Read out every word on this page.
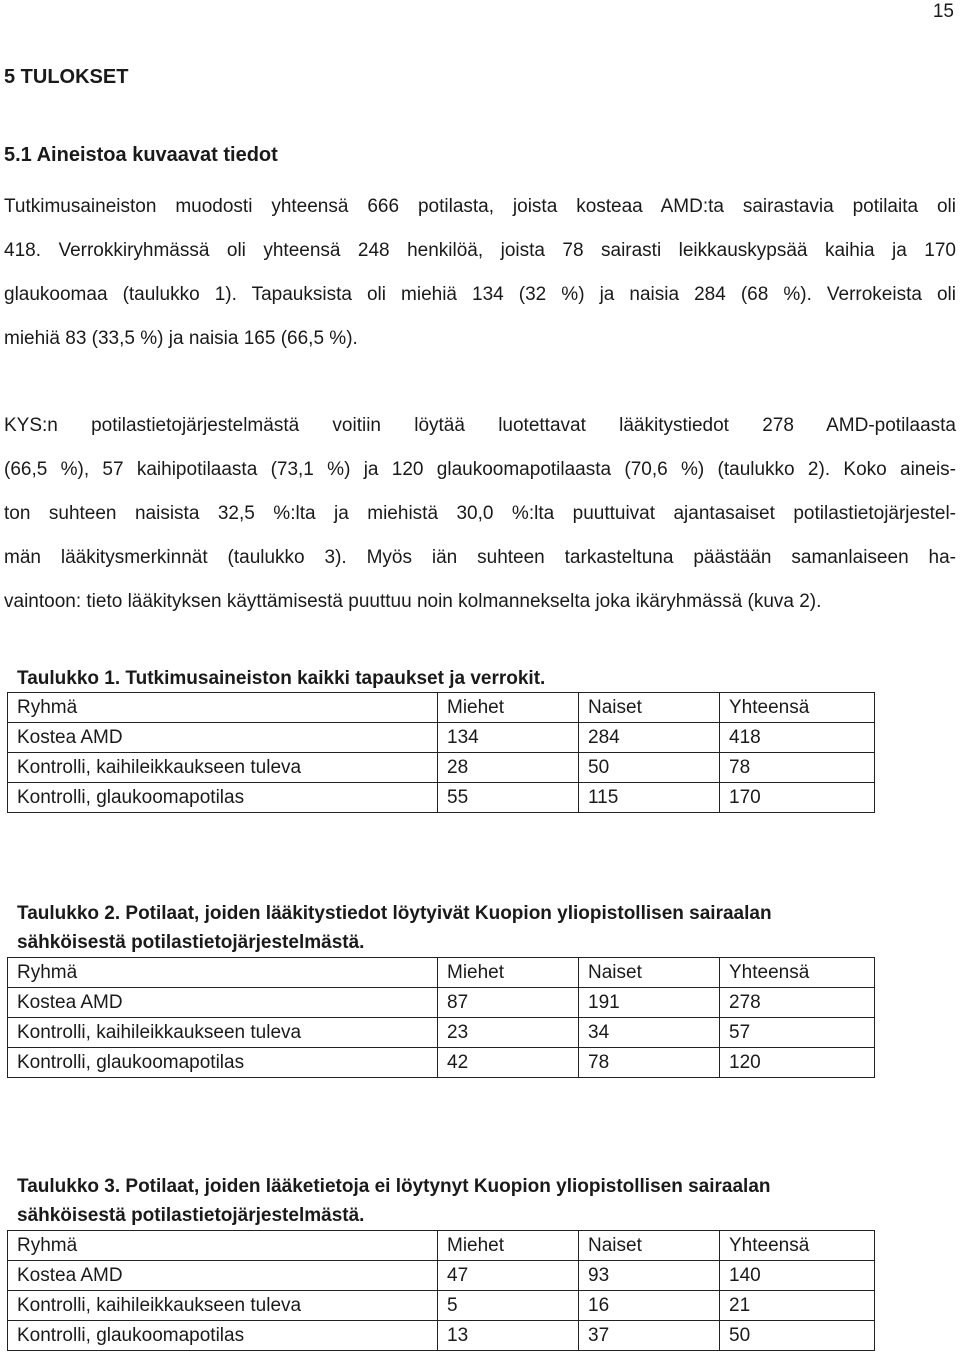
15
5 TULOKSET
5.1 Aineistoa kuvaavat tiedot
Tutkimusaineiston muodosti yhteensä 666 potilasta, joista kosteaa AMD:ta sairastavia potilaita oli
418. Verrokkiryhmässä oli yhteensä 248 henkilöä, joista 78 sairasti leikkauskypsää kaihia ja 170
glaukoomaa (taulukko 1). Tapauksista oli miehiä 134 (32 %) ja naisia 284 (68 %). Verrokeista oli
miehiä 83 (33,5 %) ja naisia 165 (66,5 %).
KYS:n potilastietojärjestelmästä voitiin löytää luotettavat lääkitystiedot 278 AMD-potilaasta
(66,5 %), 57 kaihipotilaasta (73,1 %) ja 120 glaukoomapotilaasta (70,6 %) (taulukko 2). Koko aineis-
ton suhteen naisista 32,5 %:lta ja miehistä 30,0 %:lta puuttuivat ajantasaiset potilastietojärjestel-
män lääkitysmerkinnät (taulukko 3). Myös iän suhteen tarkasteltuna päästään samanlaiseen ha-
vaintoon: tieto lääkityksen käyttämisestä puuttuu noin kolmannekselta joka ikäryhmässä (kuva 2).
Taulukko 1. Tutkimusaineiston kaikki tapaukset ja verrokit.
Ryhmä	Miehet	Naiset	Yhteensä
Kostea AMD	134	284	418
Kontrolli, kaihileikkaukseen tuleva	28	50	78
Kontrolli, glaukoomapotilas	55	115	170
Taulukko 2. Potilaat, joiden lääkitystiedot löytyivät Kuopion yliopistollisen sairaalan
sähköisestä potilastietojärjestelmästä.
Ryhmä	Miehet	Naiset	Yhteensä
Kostea AMD	87	191	278
Kontrolli, kaihileikkaukseen tuleva	23	34	57
Kontrolli, glaukoomapotilas	42	78	120
Taulukko 3. Potilaat, joiden lääketietoja ei löytynyt Kuopion yliopistollisen sairaalan
sähköisestä potilastietojärjestelmästä.
Ryhmä	Miehet	Naiset	Yhteensä
Kostea AMD	47	93	140
Kontrolli, kaihileikkaukseen tuleva	5	16	21
Kontrolli, glaukoomapotilas	13	37	50
